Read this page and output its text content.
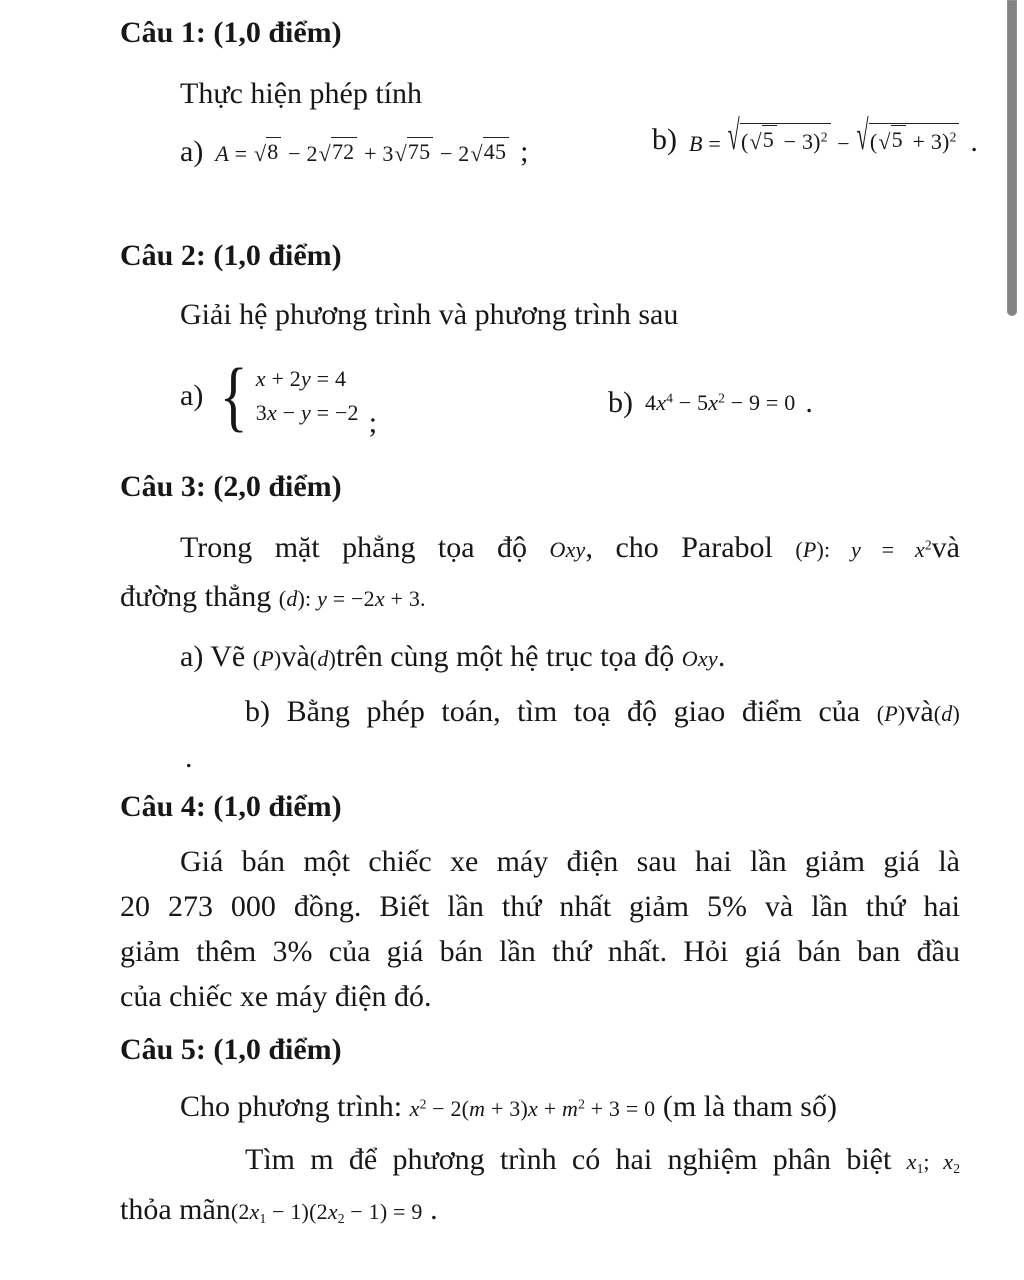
Câu 1: (1,0 điểm)

Thực hiện phép tính

a) A = √ 8 − 2 √ 72 + 3 √ 75 − 2 √ 45 ;	b) B = √ ( √ 5 − 3)$^2$ − √ ( √ 5 + 3)$^2$ .
Câu 2: (1,0 điểm)

Giải hệ phương trình và phương trình sau

a) { x + 2y = 4
3x − y = −2 ;
b) $4x^4 - 5x^2 - 9 = 0$ .
Câu 3: (2,0 điểm)

Trong mặt phẳng tọa độ Oxy, cho Parabol (P): $y = x^2và$

đường thẳng (d): y = −2x + 3.

a) Vẽ (P)và(d)trên cùng một hệ trục tọa độ Oxy.

b) Bằng phép toán, tìm toạ độ giao điểm của (P)và(d)

.

Câu 4: (1,0 điểm)

Giá bán một chiếc xe máy điện sau hai lần giảm giá là

20 273 000 đồng. Biết lần thứ nhất giảm 5% và lần thứ hai

giảm thêm 3% của giá bán lần thứ nhất. Hỏi giá bán ban đầu

của chiếc xe máy điện đó.

Câu 5: (1,0 điểm)

Cho phương trình: $x^2 - 2(m + 3)x + m^2 + 3 = 0$ (m là tham số)

Tìm m để phương trình có hai nghiệm phân biệt $x_1$; $x_2$

thỏa $mãn(2x_1 - 1)(2x_2 - 1) = 9$ .
